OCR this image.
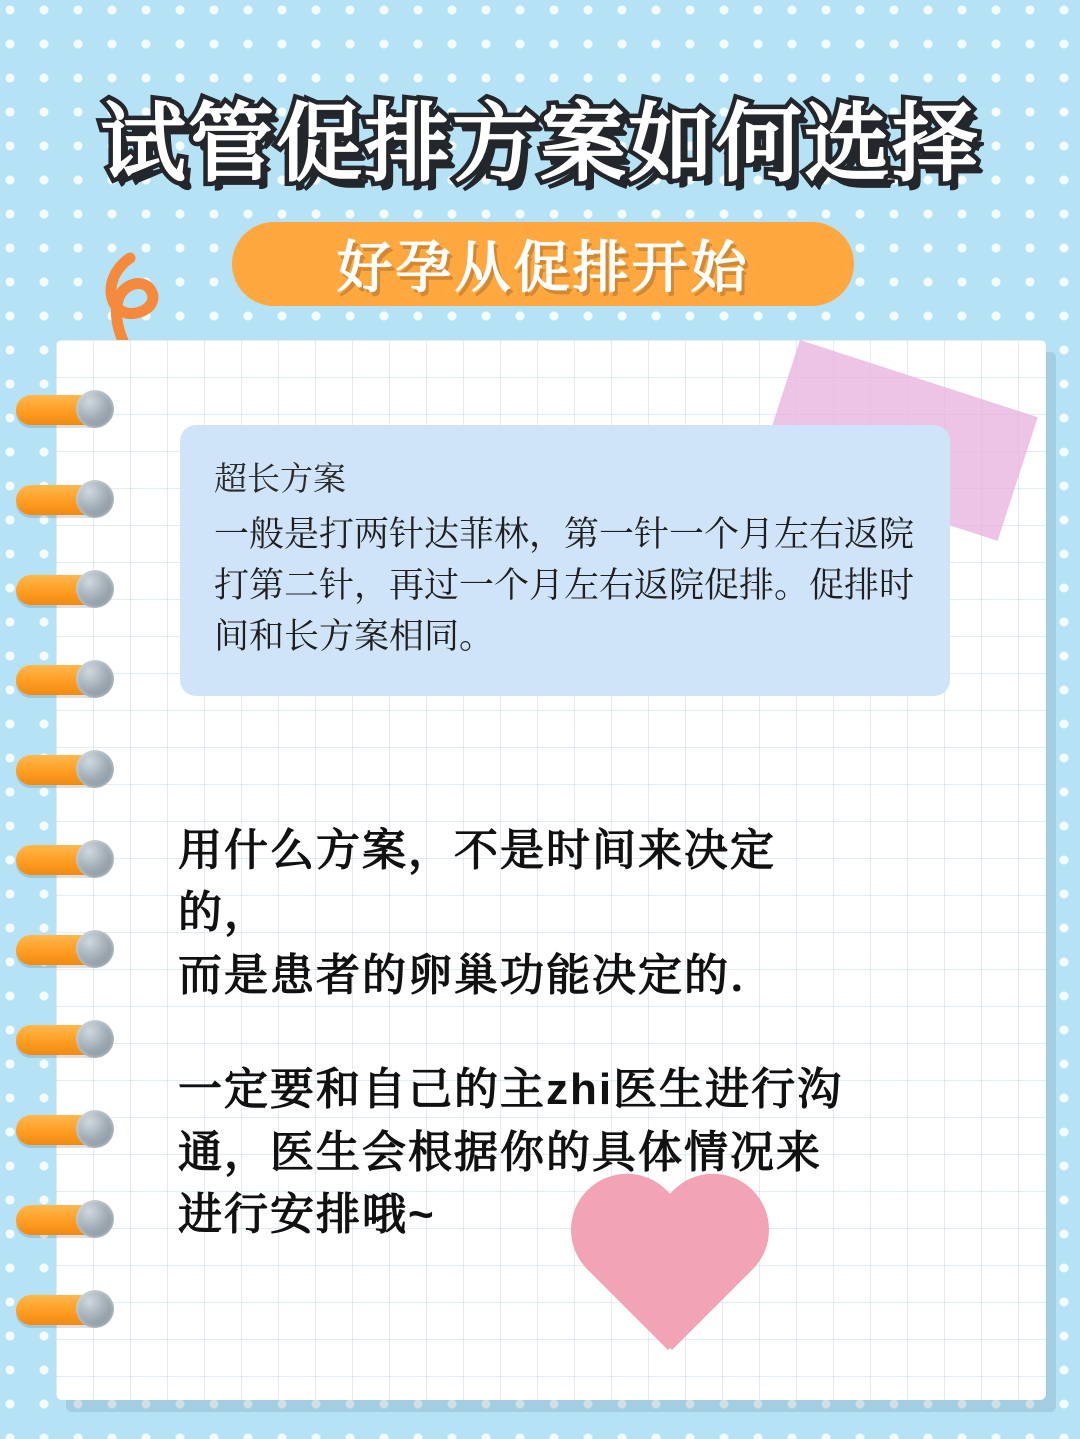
试管促排方案如何选择
好孕从促排开始
超长方案
一般是打两针达菲林，第一针一个月左右返院打第二针，再过一个月左右返院促排。促排时间和长方案相同。

用什么方案，不是时间来决定

的，

而是患者的卵巢功能决定的．

一定要和自己的主zhi医生进行沟

通，医生会根据你的具体情况来

进行安排哦~
